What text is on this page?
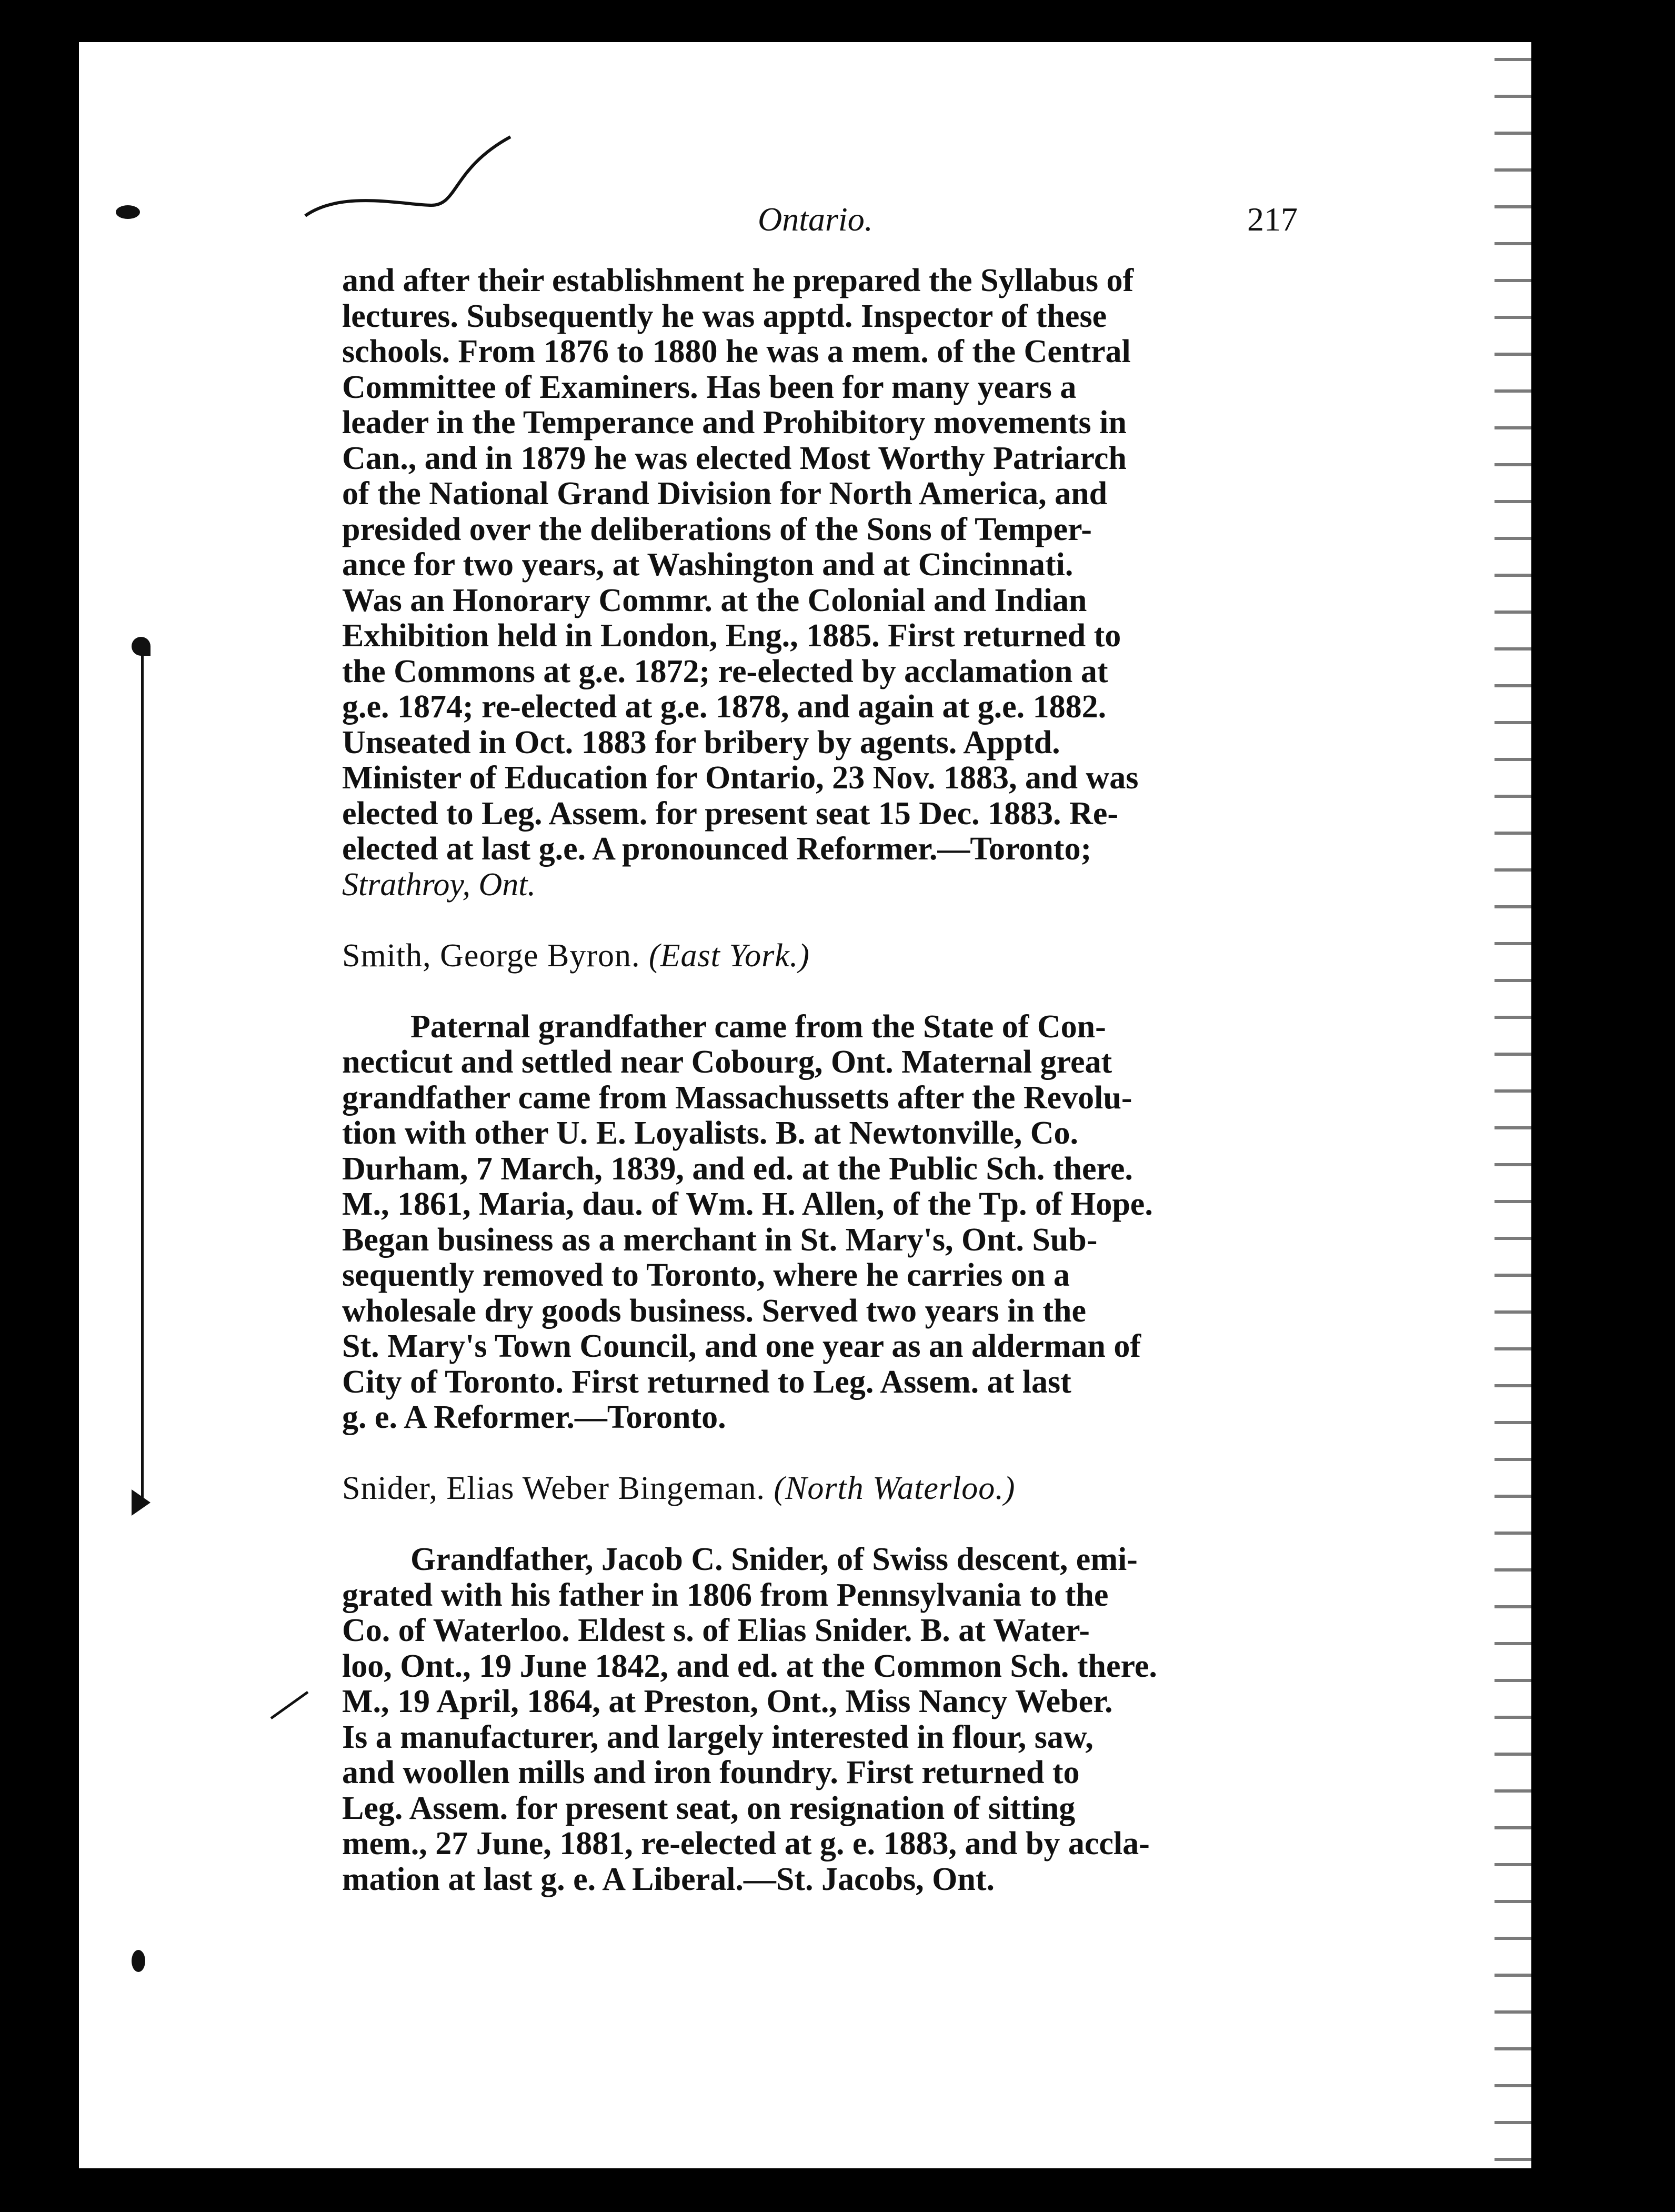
Ontario.	217
and after their establishment he prepared the Syllabus of
lectures. Subsequently he was apptd. Inspector of these
schools. From 1876 to 1880 he was a mem. of the Central
Committee of Examiners. Has been for many years a
leader in the Temperance and Prohibitory movements in
Can., and in 1879 he was elected Most Worthy Patriarch
of the National Grand Division for North America, and
presided over the deliberations of the Sons of Temper-
ance for two years, at Washington and at Cincinnati.
Was an Honorary Commr. at the Colonial and Indian
Exhibition held in London, Eng., 1885. First returned to
the Commons at g.e. 1872; re-elected by acclamation at
g.e. 1874; re-elected at g.e. 1878, and again at g.e. 1882.
Unseated in Oct. 1883 for bribery by agents. Apptd.
Minister of Education for Ontario, 23 Nov. 1883, and was
elected to Leg. Assem. for present seat 15 Dec. 1883. Re-
elected at last g.e. A pronounced Reformer.—Toronto;
Strathroy, Ont.
Smith, George Byron. (East York.)
Paternal grandfather came from the State of Con-
necticut and settled near Cobourg, Ont. Maternal great
grandfather came from Massachussetts after the Revolu-
tion with other U. E. Loyalists. B. at Newtonville, Co.
Durham, 7 March, 1839, and ed. at the Public Sch. there.
M., 1861, Maria, dau. of Wm. H. Allen, of the Tp. of Hope.
Began business as a merchant in St. Mary's, Ont. Sub-
sequently removed to Toronto, where he carries on a
wholesale dry goods business. Served two years in the
St. Mary's Town Council, and one year as an alderman of
City of Toronto. First returned to Leg. Assem. at last
g. e. A Reformer.—Toronto.
Snider, Elias Weber Bingeman. (North Waterloo.)
Grandfather, Jacob C. Snider, of Swiss descent, emi-
grated with his father in 1806 from Pennsylvania to the
Co. of Waterloo. Eldest s. of Elias Snider. B. at Water-
loo, Ont., 19 June 1842, and ed. at the Common Sch. there.
M., 19 April, 1864, at Preston, Ont., Miss Nancy Weber.
Is a manufacturer, and largely interested in flour, saw,
and woollen mills and iron foundry. First returned to
Leg. Assem. for present seat, on resignation of sitting
mem., 27 June, 1881, re-elected at g. e. 1883, and by accla-
mation at last g. e. A Liberal.—St. Jacobs, Ont.
